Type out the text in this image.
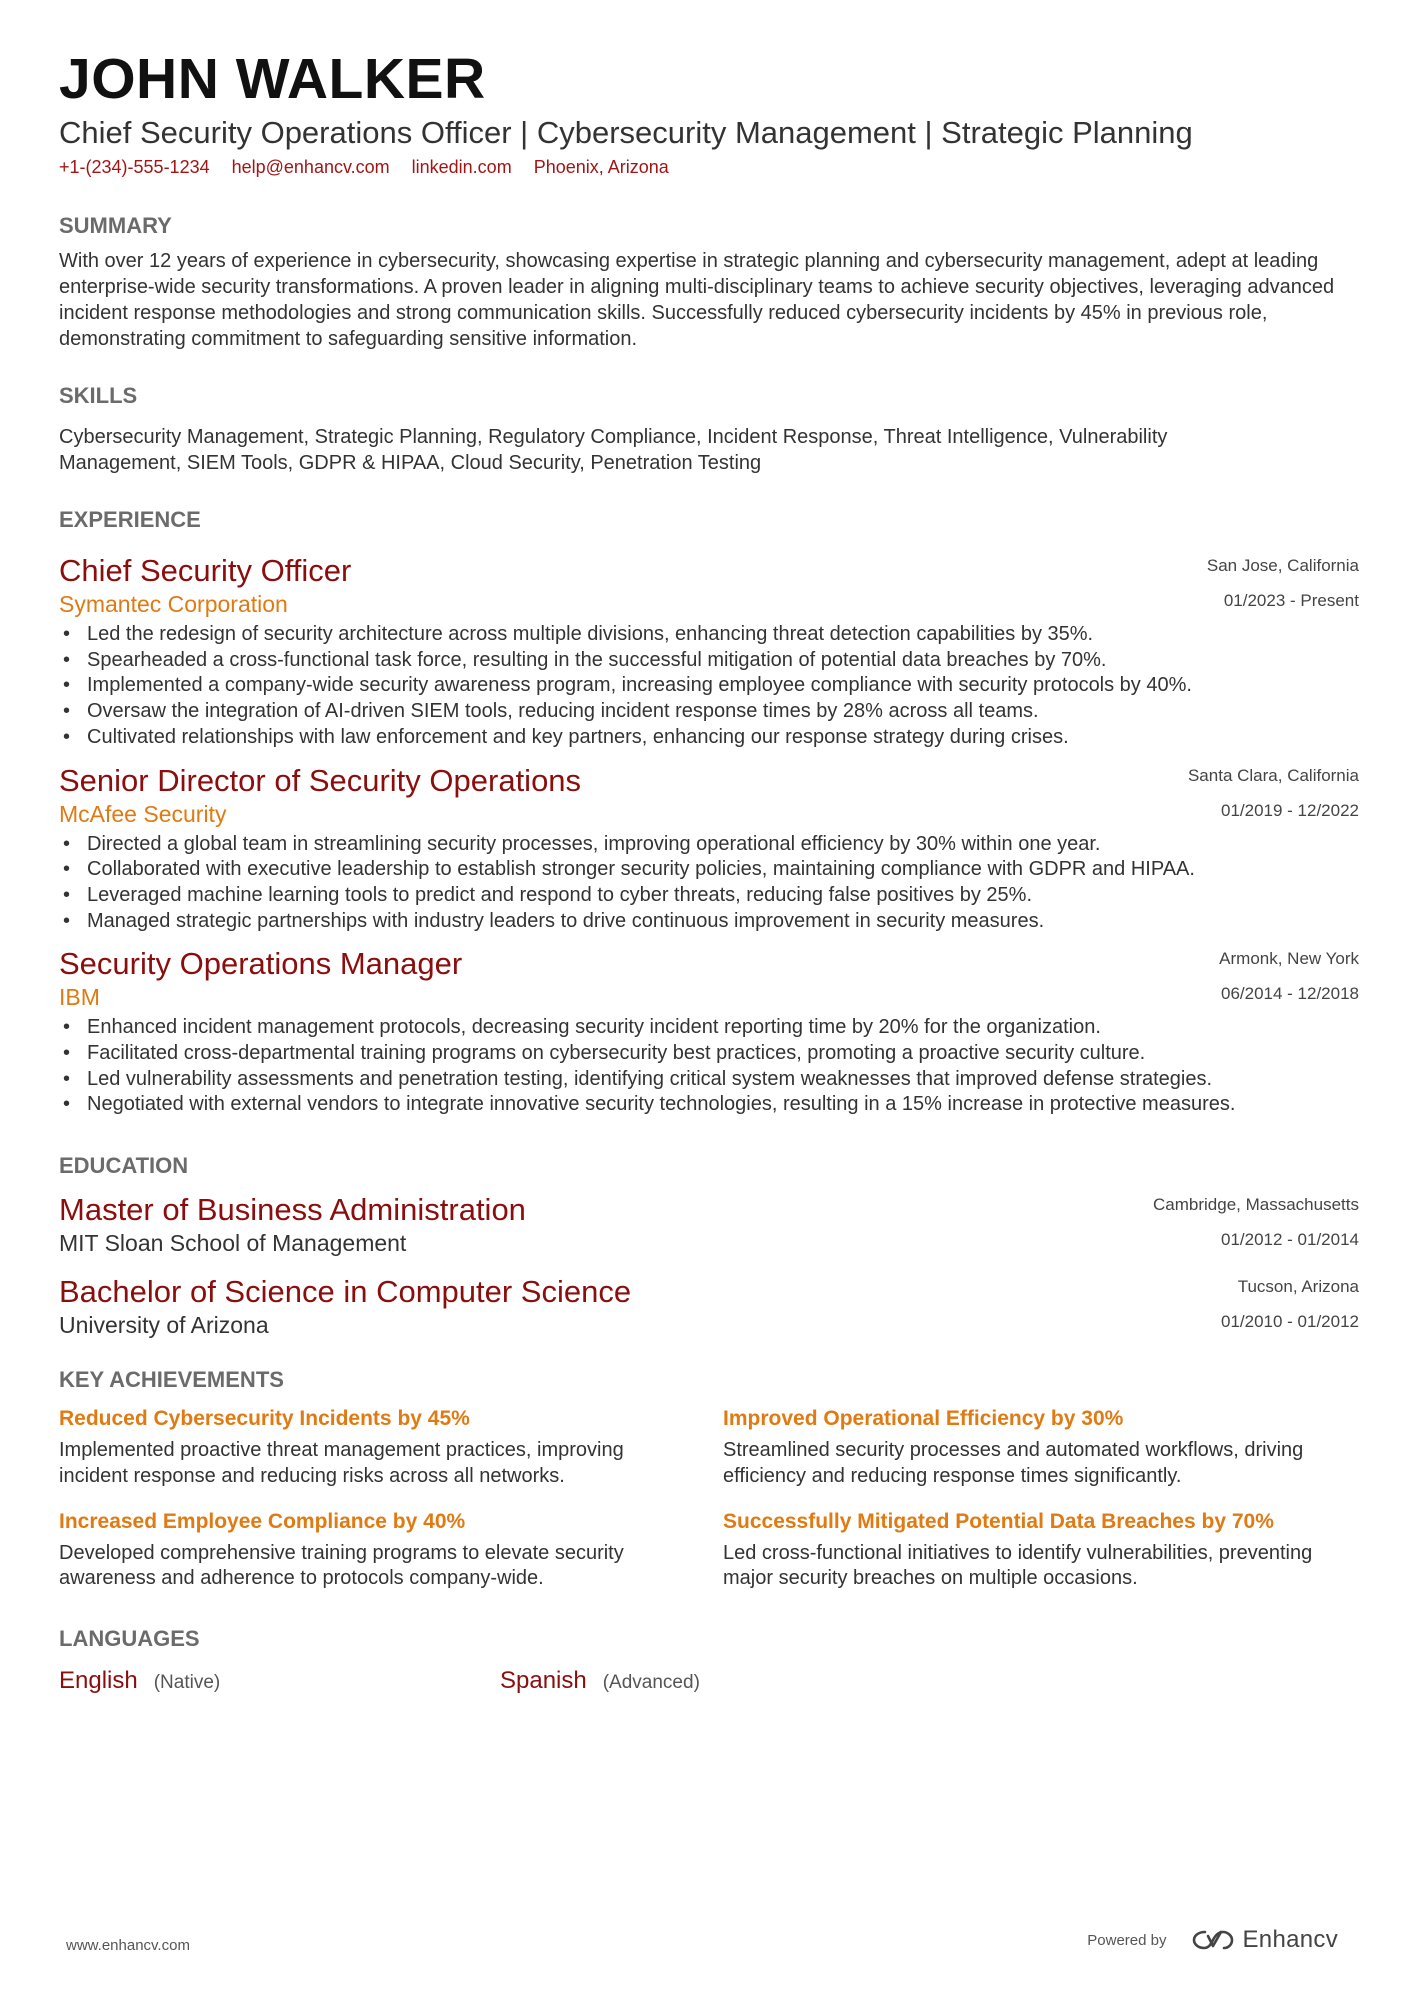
JOHN WALKER
Chief Security Operations Officer | Cybersecurity Management | Strategic Planning
+1-(234)-555-1234 help@enhancv.com linkedin.com Phoenix, Arizona
SUMMARY
With over 12 years of experience in cybersecurity, showcasing expertise in strategic planning and cybersecurity management, adept at leading enterprise-wide security transformations. A proven leader in aligning multi-disciplinary teams to achieve security objectives, leveraging advanced incident response methodologies and strong communication skills. Successfully reduced cybersecurity incidents by 45% in previous role, demonstrating commitment to safeguarding sensitive information.
SKILLS
Cybersecurity Management, Strategic Planning, Regulatory Compliance, Incident Response, Threat Intelligence, Vulnerability Management, SIEM Tools, GDPR & HIPAA, Cloud Security, Penetration Testing
EXPERIENCE
San Jose, California
01/2023 - Present
Chief Security Officer
Symantec Corporation
• Led the redesign of security architecture across multiple divisions, enhancing threat detection capabilities by 35%.
• Spearheaded a cross-functional task force, resulting in the successful mitigation of potential data breaches by 70%.
• Implemented a company-wide security awareness program, increasing employee compliance with security protocols by 40%.
• Oversaw the integration of AI-driven SIEM tools, reducing incident response times by 28% across all teams.
• Cultivated relationships with law enforcement and key partners, enhancing our response strategy during crises.
Santa Clara, California
01/2019 - 12/2022
Senior Director of Security Operations
McAfee Security
• Directed a global team in streamlining security processes, improving operational efficiency by 30% within one year.
• Collaborated with executive leadership to establish stronger security policies, maintaining compliance with GDPR and HIPAA.
• Leveraged machine learning tools to predict and respond to cyber threats, reducing false positives by 25%.
• Managed strategic partnerships with industry leaders to drive continuous improvement in security measures.
Armonk, New York
06/2014 - 12/2018
Security Operations Manager
IBM
• Enhanced incident management protocols, decreasing security incident reporting time by 20% for the organization.
• Facilitated cross-departmental training programs on cybersecurity best practices, promoting a proactive security culture.
• Led vulnerability assessments and penetration testing, identifying critical system weaknesses that improved defense strategies.
• Negotiated with external vendors to integrate innovative security technologies, resulting in a 15% increase in protective measures.
EDUCATION
Cambridge, Massachusetts
01/2012 - 01/2014
Master of Business Administration
MIT Sloan School of Management
Tucson, Arizona
01/2010 - 01/2012
Bachelor of Science in Computer Science
University of Arizona
KEY ACHIEVEMENTS
Reduced Cybersecurity Incidents by 45%
Implemented proactive threat management practices, improving incident response and reducing risks across all networks.
Improved Operational Efficiency by 30%
Streamlined security processes and automated workflows, driving efficiency and reducing response times significantly.
Increased Employee Compliance by 40%
Developed comprehensive training programs to elevate security awareness and adherence to protocols company-wide.
Successfully Mitigated Potential Data Breaches by 70%
Led cross-functional initiatives to identify vulnerabilities, preventing major security breaches on multiple occasions.
LANGUAGES
English (Native)	Spanish (Advanced)
www.enhancv.com	Powered by	Enhancv
